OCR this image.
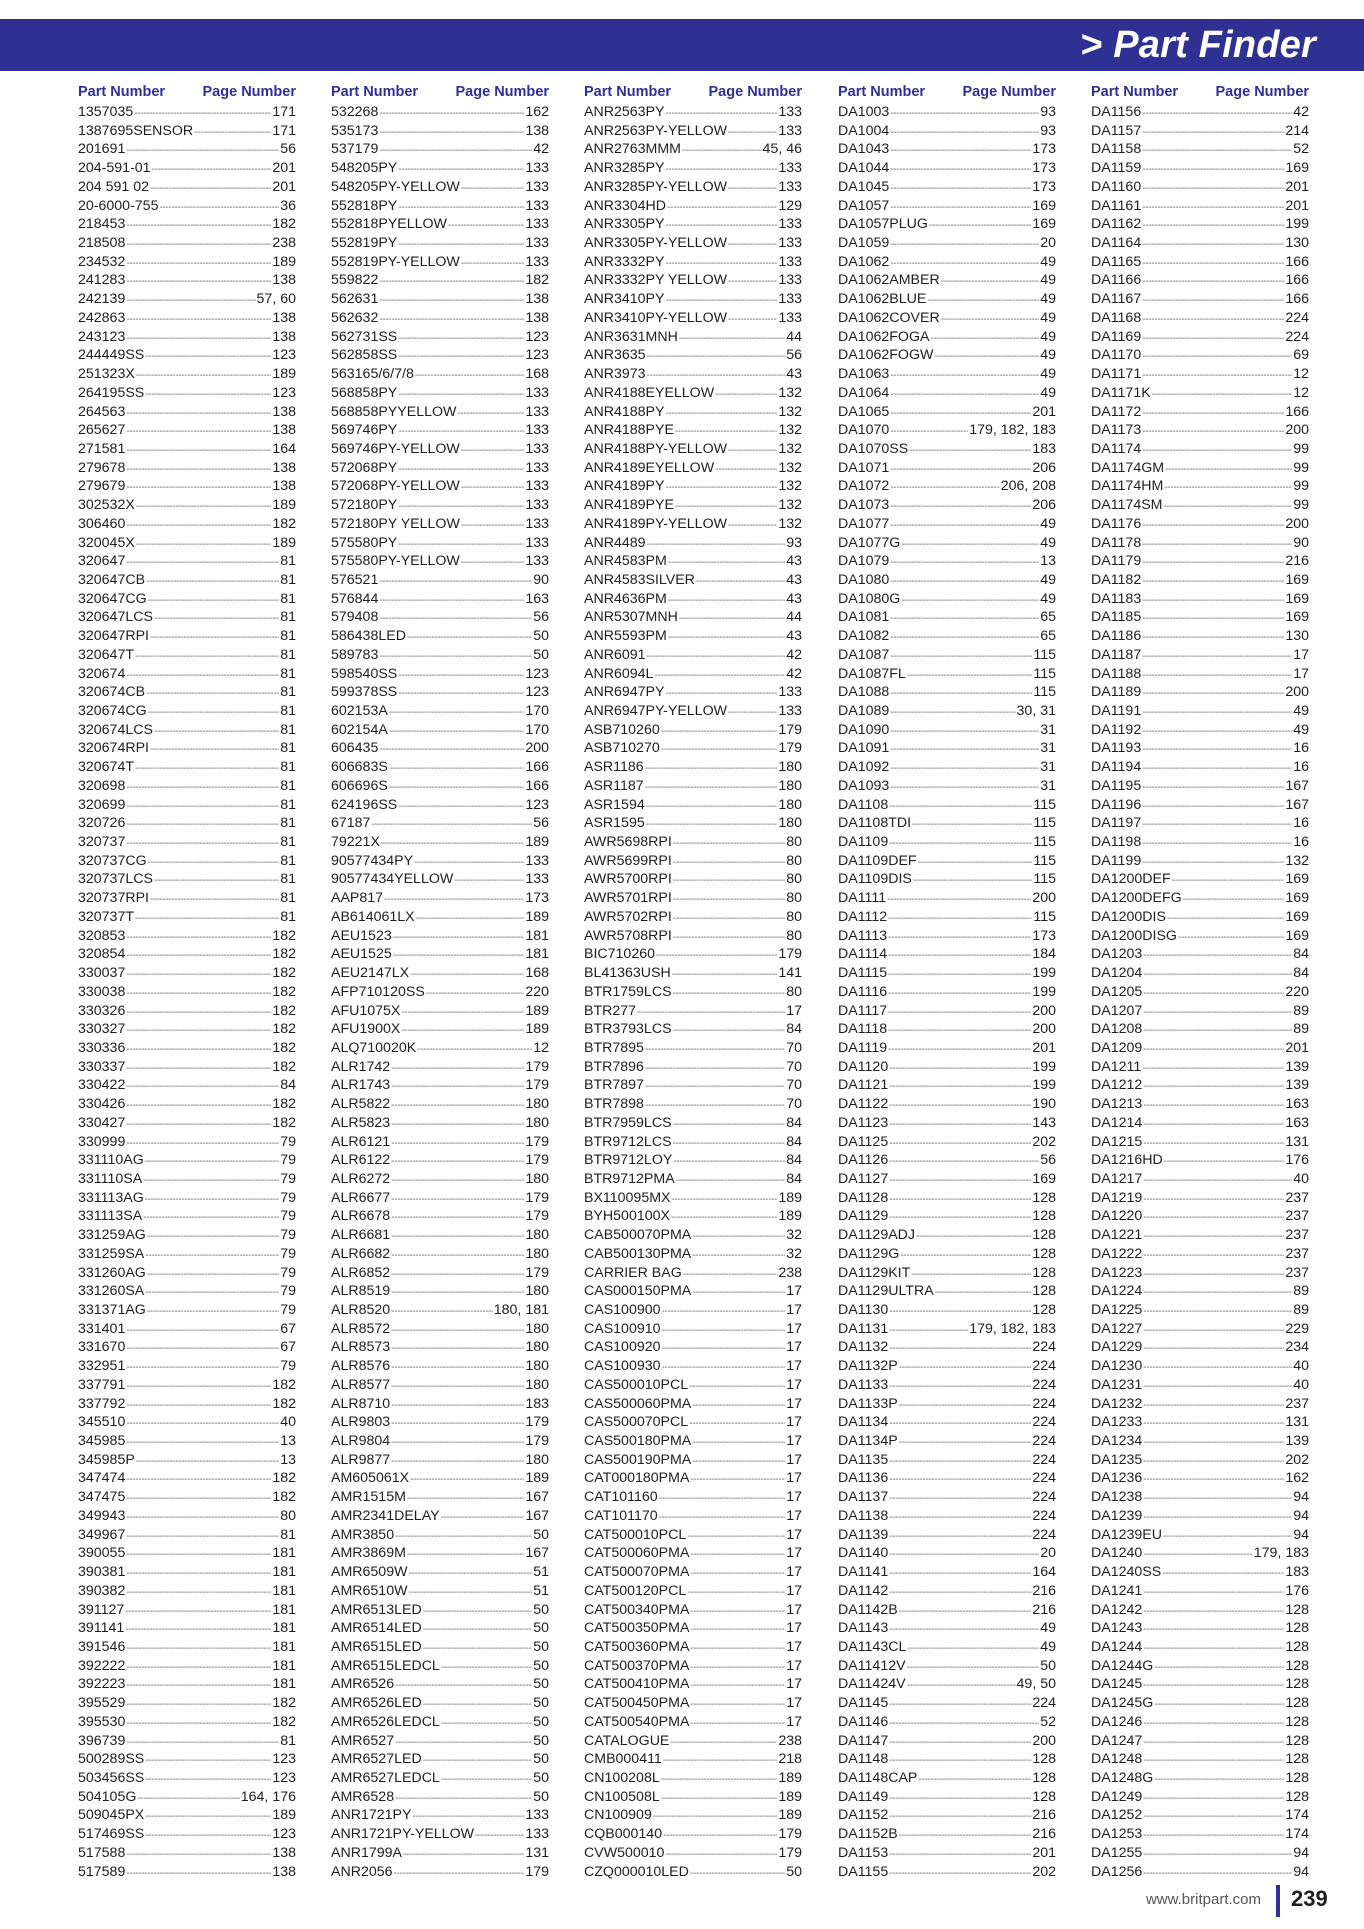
> Part Finder
Part Number	Page Number
1357035 -----	171
1387695SENSOR -----	171
201691 -----	56
204-591-01 -----	201
204 591 02 -----	201
20-6000-755 -----	36
218453 -----	182
218508 -----	238
234532 -----	189
241283 -----	138
242139 -----	57, 60
242863 -----	138
243123 -----	138
244449SS -----	123
251323X -----	189
264195SS -----	123
264563 -----	138
265627 -----	138
271581 -----	164
279678 -----	138
279679 -----	138
302532X -----	189
306460 -----	182
320045X -----	189
320647 -----	81
320647CB -----	81
320647CG -----	81
320647LCS -----	81
320647RPI -----	81
320647T -----	81
320674 -----	81
320674CB -----	81
320674CG -----	81
320674LCS -----	81
320674RPI -----	81
320674T -----	81
320698 -----	81
320699 -----	81
320726 -----	81
320737 -----	81
320737CG -----	81
320737LCS -----	81
320737RPI -----	81
320737T -----	81
320853 -----	182
320854 -----	182
330037 -----	182
330038 -----	182
330326 -----	182
330327 -----	182
330336 -----	182
330337 -----	182
330422 -----	84
330426 -----	182
330427 -----	182
330999 -----	79
331110AG -----	79
331110SA -----	79
331113AG -----	79
331113SA -----	79
331259AG -----	79
331259SA -----	79
331260AG -----	79
331260SA -----	79
331371AG -----	79
331401 -----	67
331670 -----	67
332951 -----	79
337791 -----	182
337792 -----	182
345510 -----	40
345985 -----	13
345985P -----	13
347474 -----	182
347475 -----	182
349943 -----	80
349967 -----	81
390055 -----	181
390381 -----	181
390382 -----	181
391127 -----	181
391141 -----	181
391546 -----	181
392222 -----	181
392223 -----	181
395529 -----	182
395530 -----	182
396739 -----	81
500289SS -----	123
503456SS -----	123
504105G -----	164, 176
509045PX -----	189
517469SS -----	123
517588 -----	138
517589 -----	138
Part Number	Page Number
532268 -----	162
535173 -----	138
537179 -----	42
548205PY -----	133
548205PY-YELLOW -----	133
552818PY -----	133
552818PYELLOW -----	133
552819PY -----	133
552819PY-YELLOW -----	133
559822 -----	182
562631 -----	138
562632 -----	138
562731SS -----	123
562858SS -----	123
563165/6/7/8 -----	168
568858PY -----	133
568858PYYELLOW -----	133
569746PY -----	133
569746PY-YELLOW -----	133
572068PY -----	133
572068PY-YELLOW -----	133
572180PY -----	133
572180PY YELLOW -----	133
575580PY -----	133
575580PY-YELLOW -----	133
576521 -----	90
576844 -----	163
579408 -----	56
586438LED -----	50
589783 -----	50
598540SS -----	123
599378SS -----	123
602153A -----	170
602154A -----	170
606435 -----	200
606683S -----	166
606696S -----	166
624196SS -----	123
67187 -----	56
79221X -----	189
90577434PY -----	133
90577434YELLOW -----	133
AAP817 -----	173
AB614061LX -----	189
AEU1523 -----	181
AEU1525 -----	181
AEU2147LX -----	168
AFP710120SS -----	220
AFU1075X -----	189
AFU1900X -----	189
ALQ710020K -----	12
ALR1742 -----	179
ALR1743 -----	179
ALR5822 -----	180
ALR5823 -----	180
ALR6121 -----	179
ALR6122 -----	179
ALR6272 -----	180
ALR6677 -----	179
ALR6678 -----	179
ALR6681 -----	180
ALR6682 -----	180
ALR6852 -----	179
ALR8519 -----	180
ALR8520 -----	180, 181
ALR8572 -----	180
ALR8573 -----	180
ALR8576 -----	180
ALR8577 -----	180
ALR8710 -----	183
ALR9803 -----	179
ALR9804 -----	179
ALR9877 -----	180
AM605061X -----	189
AMR1515M -----	167
AMR2341DELAY -----	167
AMR3850 -----	50
AMR3869M -----	167
AMR6509W -----	51
AMR6510W -----	51
AMR6513LED -----	50
AMR6514LED -----	50
AMR6515LED -----	50
AMR6515LEDCL -----	50
AMR6526 -----	50
AMR6526LED -----	50
AMR6526LEDCL -----	50
AMR6527 -----	50
AMR6527LED -----	50
AMR6527LEDCL -----	50
AMR6528 -----	50
ANR1721PY -----	133
ANR1721PY-YELLOW -----	133
ANR1799A -----	131
ANR2056 -----	179
Part Number	Page Number
ANR2563PY -----	133
ANR2563PY-YELLOW -----	133
ANR2763MMM -----	45, 46
ANR3285PY -----	133
ANR3285PY-YELLOW -----	133
ANR3304HD -----	129
ANR3305PY -----	133
ANR3305PY-YELLOW -----	133
ANR3332PY -----	133
ANR3332PY YELLOW -----	133
ANR3410PY -----	133
ANR3410PY-YELLOW -----	133
ANR3631MNH -----	44
ANR3635 -----	56
ANR3973 -----	43
ANR4188EYELLOW -----	132
ANR4188PY -----	132
ANR4188PYE -----	132
ANR4188PY-YELLOW -----	132
ANR4189EYELLOW -----	132
ANR4189PY -----	132
ANR4189PYE -----	132
ANR4189PY-YELLOW -----	132
ANR4489 -----	93
ANR4583PM -----	43
ANR4583SILVER -----	43
ANR4636PM -----	43
ANR5307MNH -----	44
ANR5593PM -----	43
ANR6091 -----	42
ANR6094L -----	42
ANR6947PY -----	133
ANR6947PY-YELLOW -----	133
ASB710260 -----	179
ASB710270 -----	179
ASR1186 -----	180
ASR1187 -----	180
ASR1594 -----	180
ASR1595 -----	180
AWR5698RPI -----	80
AWR5699RPI -----	80
AWR5700RPI -----	80
AWR5701RPI -----	80
AWR5702RPI -----	80
AWR5708RPI -----	80
BIC710260 -----	179
BL41363USH -----	141
BTR1759LCS -----	80
BTR277 -----	17
BTR3793LCS -----	84
BTR7895 -----	70
BTR7896 -----	70
BTR7897 -----	70
BTR7898 -----	70
BTR7959LCS -----	84
BTR9712LCS -----	84
BTR9712LOY -----	84
BTR9712PMA -----	84
BX110095MX -----	189
BYH500100X -----	189
CAB500070PMA -----	32
CAB500130PMA -----	32
CARRIER BAG -----	238
CAS000150PMA -----	17
CAS100900 -----	17
CAS100910 -----	17
CAS100920 -----	17
CAS100930 -----	17
CAS500010PCL -----	17
CAS500060PMA -----	17
CAS500070PCL -----	17
CAS500180PMA -----	17
CAS500190PMA -----	17
CAT000180PMA -----	17
CAT101160 -----	17
CAT101170 -----	17
CAT500010PCL -----	17
CAT500060PMA -----	17
CAT500070PMA -----	17
CAT500120PCL -----	17
CAT500340PMA -----	17
CAT500350PMA -----	17
CAT500360PMA -----	17
CAT500370PMA -----	17
CAT500410PMA -----	17
CAT500450PMA -----	17
CAT500540PMA -----	17
CATALOGUE -----	238
CMB000411 -----	218
CN100208L -----	189
CN100508L -----	189
CN100909 -----	189
CQB000140 -----	179
CVW500010 -----	179
CZQ000010LED -----	50
Part Number	Page Number
DA1003 -----	93
DA1004 -----	93
DA1043 -----	173
DA1044 -----	173
DA1045 -----	173
DA1057 -----	169
DA1057PLUG -----	169
DA1059 -----	20
DA1062 -----	49
DA1062AMBER -----	49
DA1062BLUE -----	49
DA1062COVER -----	49
DA1062FOGA -----	49
DA1062FOGW -----	49
DA1063 -----	49
DA1064 -----	49
DA1065 -----	201
DA1070 -----	179, 182, 183
DA1070SS -----	183
DA1071 -----	206
DA1072 -----	206, 208
DA1073 -----	206
DA1077 -----	49
DA1077G -----	49
DA1079 -----	13
DA1080 -----	49
DA1080G -----	49
DA1081 -----	65
DA1082 -----	65
DA1087 -----	115
DA1087FL -----	115
DA1088 -----	115
DA1089 -----	30, 31
DA1090 -----	31
DA1091 -----	31
DA1092 -----	31
DA1093 -----	31
DA1108 -----	115
DA1108TDI -----	115
DA1109 -----	115
DA1109DEF -----	115
DA1109DIS -----	115
DA1111 -----	200
DA1112 -----	115
DA1113 -----	173
DA1114 -----	184
DA1115 -----	199
DA1116 -----	199
DA1117 -----	200
DA1118 -----	200
DA1119 -----	201
DA1120 -----	199
DA1121 -----	199
DA1122 -----	190
DA1123 -----	143
DA1125 -----	202
DA1126 -----	56
DA1127 -----	169
DA1128 -----	128
DA1129 -----	128
DA1129ADJ -----	128
DA1129G -----	128
DA1129KIT -----	128
DA1129ULTRA -----	128
DA1130 -----	128
DA1131 -----	179, 182, 183
DA1132 -----	224
DA1132P -----	224
DA1133 -----	224
DA1133P -----	224
DA1134 -----	224
DA1134P -----	224
DA1135 -----	224
DA1136 -----	224
DA1137 -----	224
DA1138 -----	224
DA1139 -----	224
DA1140 -----	20
DA1141 -----	164
DA1142 -----	216
DA1142B -----	216
DA1143 -----	49
DA1143CL -----	49
DA11412V -----	50
DA11424V -----	49, 50
DA1145 -----	224
DA1146 -----	52
DA1147 -----	200
DA1148 -----	128
DA1148CAP -----	128
DA1149 -----	128
DA1152 -----	216
DA1152B -----	216
DA1153 -----	201
DA1155 -----	202
Part Number	Page Number
DA1156 -----	42
DA1157 -----	214
DA1158 -----	52
DA1159 -----	169
DA1160 -----	201
DA1161 -----	201
DA1162 -----	199
DA1164 -----	130
DA1165 -----	166
DA1166 -----	166
DA1167 -----	166
DA1168 -----	224
DA1169 -----	224
DA1170 -----	69
DA1171 -----	12
DA1171K -----	12
DA1172 -----	166
DA1173 -----	200
DA1174 -----	99
DA1174GM -----	99
DA1174HM -----	99
DA1174SM -----	99
DA1176 -----	200
DA1178 -----	90
DA1179 -----	216
DA1182 -----	169
DA1183 -----	169
DA1185 -----	169
DA1186 -----	130
DA1187 -----	17
DA1188 -----	17
DA1189 -----	200
DA1191 -----	49
DA1192 -----	49
DA1193 -----	16
DA1194 -----	16
DA1195 -----	167
DA1196 -----	167
DA1197 -----	16
DA1198 -----	16
DA1199 -----	132
DA1200DEF -----	169
DA1200DEFG -----	169
DA1200DIS -----	169
DA1200DISG -----	169
DA1203 -----	84
DA1204 -----	84
DA1205 -----	220
DA1207 -----	89
DA1208 -----	89
DA1209 -----	201
DA1211 -----	139
DA1212 -----	139
DA1213 -----	163
DA1214 -----	163
DA1215 -----	131
DA1216HD -----	176
DA1217 -----	40
DA1219 -----	237
DA1220 -----	237
DA1221 -----	237
DA1222 -----	237
DA1223 -----	237
DA1224 -----	89
DA1225 -----	89
DA1227 -----	229
DA1229 -----	234
DA1230 -----	40
DA1231 -----	40
DA1232 -----	237
DA1233 -----	131
DA1234 -----	139
DA1235 -----	202
DA1236 -----	162
DA1238 -----	94
DA1239 -----	94
DA1239EU -----	94
DA1240 -----	179, 183
DA1240SS -----	183
DA1241 -----	176
DA1242 -----	128
DA1243 -----	128
DA1244 -----	128
DA1244G -----	128
DA1245 -----	128
DA1245G -----	128
DA1246 -----	128
DA1247 -----	128
DA1248 -----	128
DA1248G -----	128
DA1249 -----	128
DA1252 -----	174
DA1253 -----	174
DA1255 -----	94
DA1256 -----	94
www.britpart.com 239
